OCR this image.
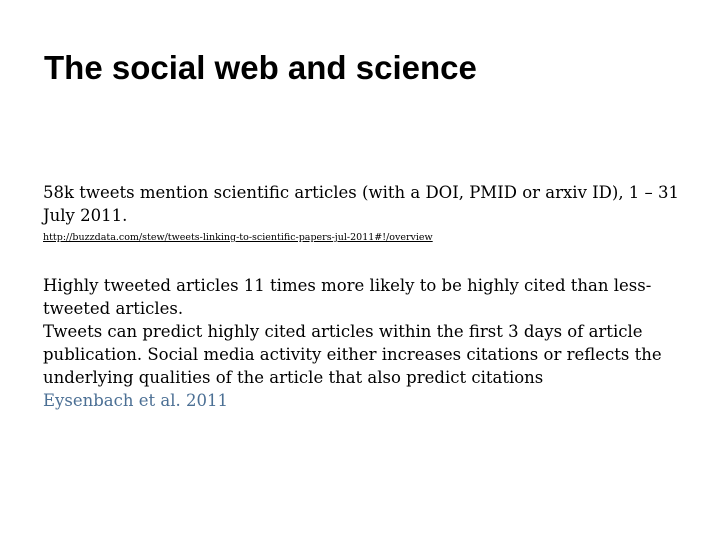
The social web and science

58k tweets mention scientific articles (with a DOI, PMID or arxiv ID), 1 – 31 July 2011.

http://buzzdata.com/stew/tweets-linking-to-scientific-papers-jul-2011#!/overview

Highly tweeted articles 11 times more likely to be highly cited than less-tweeted articles.

Tweets can predict highly cited articles within the first 3 days of article publication. Social media activity either increases citations or reflects the underlying qualities of the article that also predict citations

Eysenbach et al. 2011
